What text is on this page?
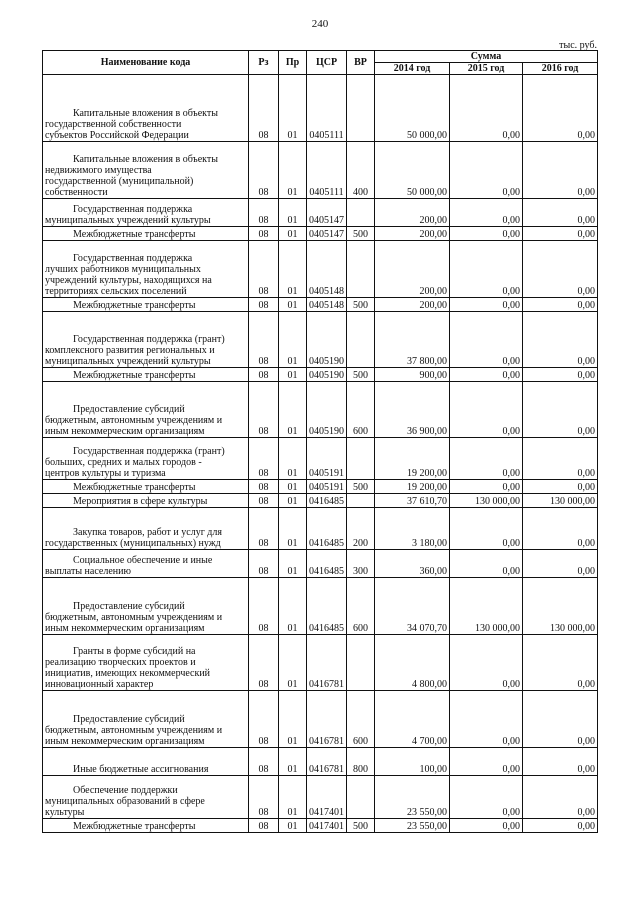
240
тыс. руб.
Наименование кода	Рз	Пр	ЦСР	ВР	Сумма		
					2014 год	2015 год	2016 год

Капитальные вложения в объекты
государственной собственности
субъектов Российской Федерации	08	01	0405111		50 000,00	0,00	0,00

Капитальные вложения в объекты
недвижимого имущества
государственной (муниципальной)
собственности	08	01	0405111	400	50 000,00	0,00	0,00

Государственная поддержка
муниципальных учреждений культуры	08	01	0405147		200,00	0,00	0,00

Межбюджетные трансферты	08	01	0405147	500	200,00	0,00	0,00

Государственная поддержка
лучших работников муниципальных
учреждений культуры, находящихся на
территориях сельских поселений	08	01	0405148		200,00	0,00	0,00

Межбюджетные трансферты	08	01	0405148	500	200,00	0,00	0,00

Государственная поддержка (грант)
комплексного развития региональных и
муниципальных учреждений культуры	08	01	0405190		37 800,00	0,00	0,00

Межбюджетные трансферты	08	01	0405190	500	900,00	0,00	0,00

Предоставление субсидий
бюджетным, автономным учреждениям и
иным некоммерческим организациям	08	01	0405190	600	36 900,00	0,00	0,00

Государственная поддержка (грант)
больших, средних и малых городов -
центров культуры и туризма	08	01	0405191		19 200,00	0,00	0,00

Межбюджетные трансферты	08	01	0405191	500	19 200,00	0,00	0,00

Мероприятия в сфере культуры	08	01	0416485		37 610,70	130 000,00	130 000,00

Закупка товаров, работ и услуг для
государственных (муниципальных) нужд	08	01	0416485	200	3 180,00	0,00	0,00

Социальное обеспечение и иные
выплаты населению	08	01	0416485	300	360,00	0,00	0,00

Предоставление субсидий
бюджетным, автономным учреждениям и
иным некоммерческим организациям	08	01	0416485	600	34 070,70	130 000,00	130 000,00

Гранты в форме субсидий на
реализацию творческих проектов и
инициатив, имеющих некоммерческий
инновационный характер	08	01	0416781		4 800,00	0,00	0,00

Предоставление субсидий
бюджетным, автономным учреждениям и
иным некоммерческим организациям	08	01	0416781	600	4 700,00	0,00	0,00

Иные бюджетные ассигнования	08	01	0416781	800	100,00	0,00	0,00

Обеспечение поддержки
муниципальных образований в сфере
культуры	08	01	0417401		23 550,00	0,00	0,00

Межбюджетные трансферты	08	01	0417401	500	23 550,00	0,00	0,00
